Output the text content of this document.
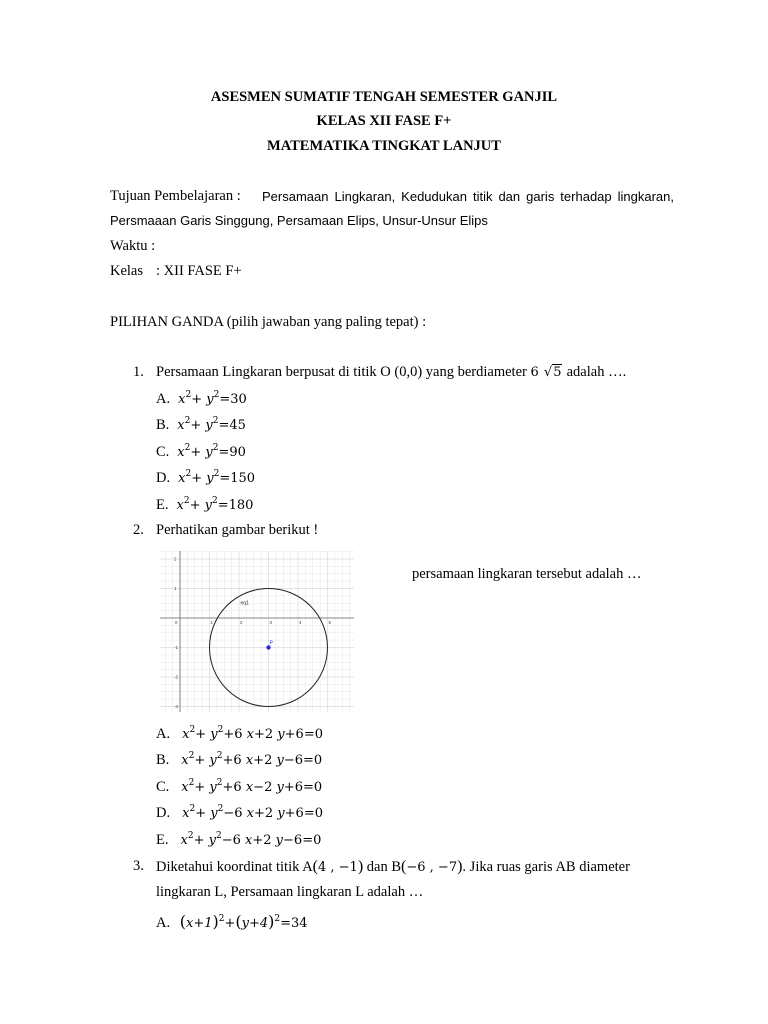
ASESMEN SUMATIF TENGAH SEMESTER GANJIL
KELAS XII FASE F+
MATEMATIKA TINGKAT LANJUT
Tujuan Pembelajaran : Persamaan Lingkaran, Kedudukan titik dan garis terhadap lingkaran,
Persmaaan Garis Singgung, Persamaan Elips, Unsur-Unsur Elips
Waktu :
Kelas : XII FASE F+
PILIHAN GANDA (pilih jawaban yang paling tepat) :
1. Persamaan Lingkaran berpusat di titik O (0,0) yang berdiameter 6 √5 adalah ….
A. $x^2+ y^2=30$
B. $x^2+ y^2=45$
C. $x^2+ y^2=90$
D. $x^2+ y^2=150$
E. $x^2+ y^2=180$
2. Perhatikan gambar berikut !
persamaan lingkaran tersebut adalah …
0	1	2	3	4	5
2
1
-1
-2
-3
P
eq1
A. $x^2+ y^2+6$ x+2 y+6=0
B. $x^2+ y^2+6$ x+2 y−6=0
C. $x^2+ y^2+6$ x−2 y+6=0
D. $x^2+ y^2-6$ x+2 y+6=0
E. $x^2+ y^2-6$ x+2 y−6=0
3. Diketahui koordinat titik A(4 , −1) dan B(−6 , −7). Jika ruas garis AB diameter
lingkaran L, Persamaan lingkaran L adalah …
A. $(x+1)^2+(y+4)^2=34$
